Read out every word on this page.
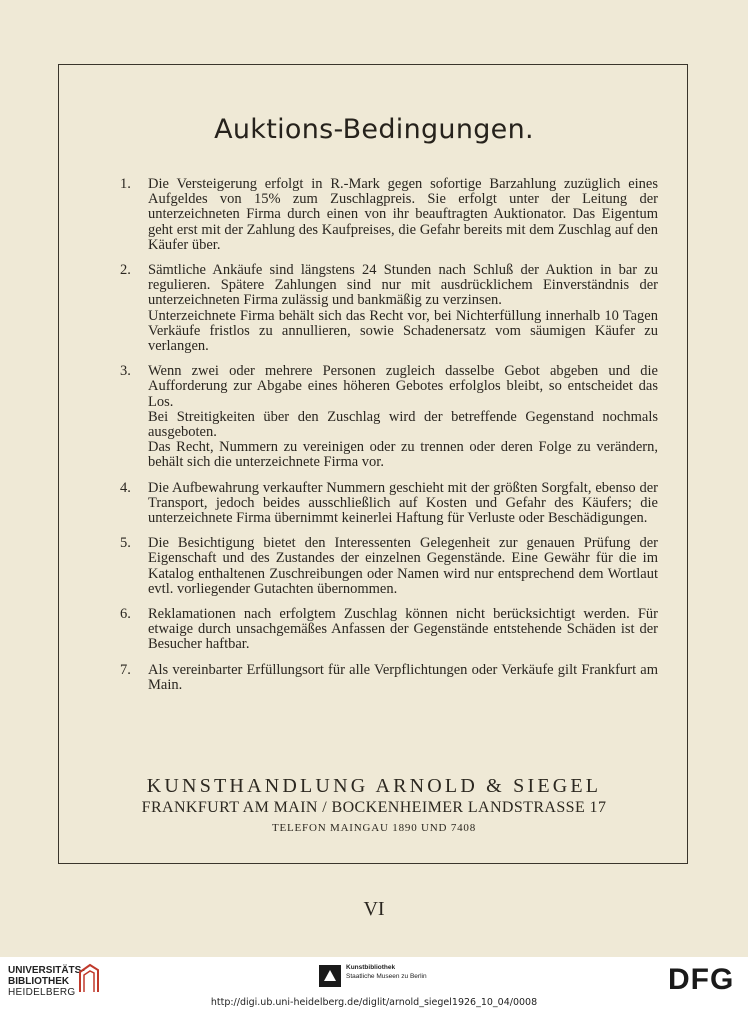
Auktions-Bedingungen.
1.	Die Versteigerung erfolgt in R.-Mark gegen sofortige Barzahlung zuzüglich eines Aufgeldes von 15% zum Zuschlagpreis. Sie erfolgt unter der Leitung der unterzeichneten Firma durch einen von ihr beauftragten Auktionator. Das Eigentum geht erst mit der Zahlung des Kaufpreises, die Gefahr bereits mit dem Zuschlag auf den Käufer über.

2.	Sämtliche Ankäufe sind längstens 24 Stunden nach Schluß der Auktion in bar zu regulieren. Spätere Zahlungen sind nur mit ausdrücklichem Einverständnis der unterzeichneten Firma zulässig und bankmäßig zu verzinsen.

Unterzeichnete Firma behält sich das Recht vor, bei Nichterfüllung innerhalb 10 Tagen Verkäufe fristlos zu annullieren, sowie Schadenersatz vom säumigen Käufer zu verlangen.

3.	Wenn zwei oder mehrere Personen zugleich dasselbe Gebot abgeben und die Aufforderung zur Abgabe eines höheren Gebotes erfolglos bleibt, so entscheidet das Los.

Bei Streitigkeiten über den Zuschlag wird der betreffende Gegenstand nochmals ausgeboten.

Das Recht, Nummern zu vereinigen oder zu trennen oder deren Folge zu verändern, behält sich die unterzeichnete Firma vor.

4.	Die Aufbewahrung verkaufter Nummern geschieht mit der größten Sorgfalt, ebenso der Transport, jedoch beides ausschließlich auf Kosten und Gefahr des Käufers; die unterzeichnete Firma übernimmt keinerlei Haftung für Verluste oder Beschädigungen.

5.	Die Besichtigung bietet den Interessenten Gelegenheit zur genauen Prüfung der Eigenschaft und des Zustandes der einzelnen Gegenstände. Eine Gewähr für die im Katalog enthaltenen Zuschreibungen oder Namen wird nur entsprechend dem Wortlaut evtl. vorliegender Gutachten übernommen.

6.	Reklamationen nach erfolgtem Zuschlag können nicht berücksichtigt werden. Für etwaige durch unsachgemäßes Anfassen der Gegenstände entstehende Schäden ist der Besucher haftbar.

7.	Als vereinbarter Erfüllungsort für alle Verpflichtungen oder Verkäufe gilt Frankfurt am Main.

KUNSTHANDLUNG ARNOLD & SIEGEL
FRANKFURT AM MAIN / BOCKENHEIMER LANDSTRASSE 17
TELEFON MAINGAU 1890 UND 7408
VI
UNIVERSITÄTS-
BIBLIOTHEK
HEIDELBERG
Kunstbibliothek
Staatliche Museen zu Berlin	DFG
http://digi.ub.uni-heidelberg.de/diglit/arnold_siegel1926_10_04/0008
